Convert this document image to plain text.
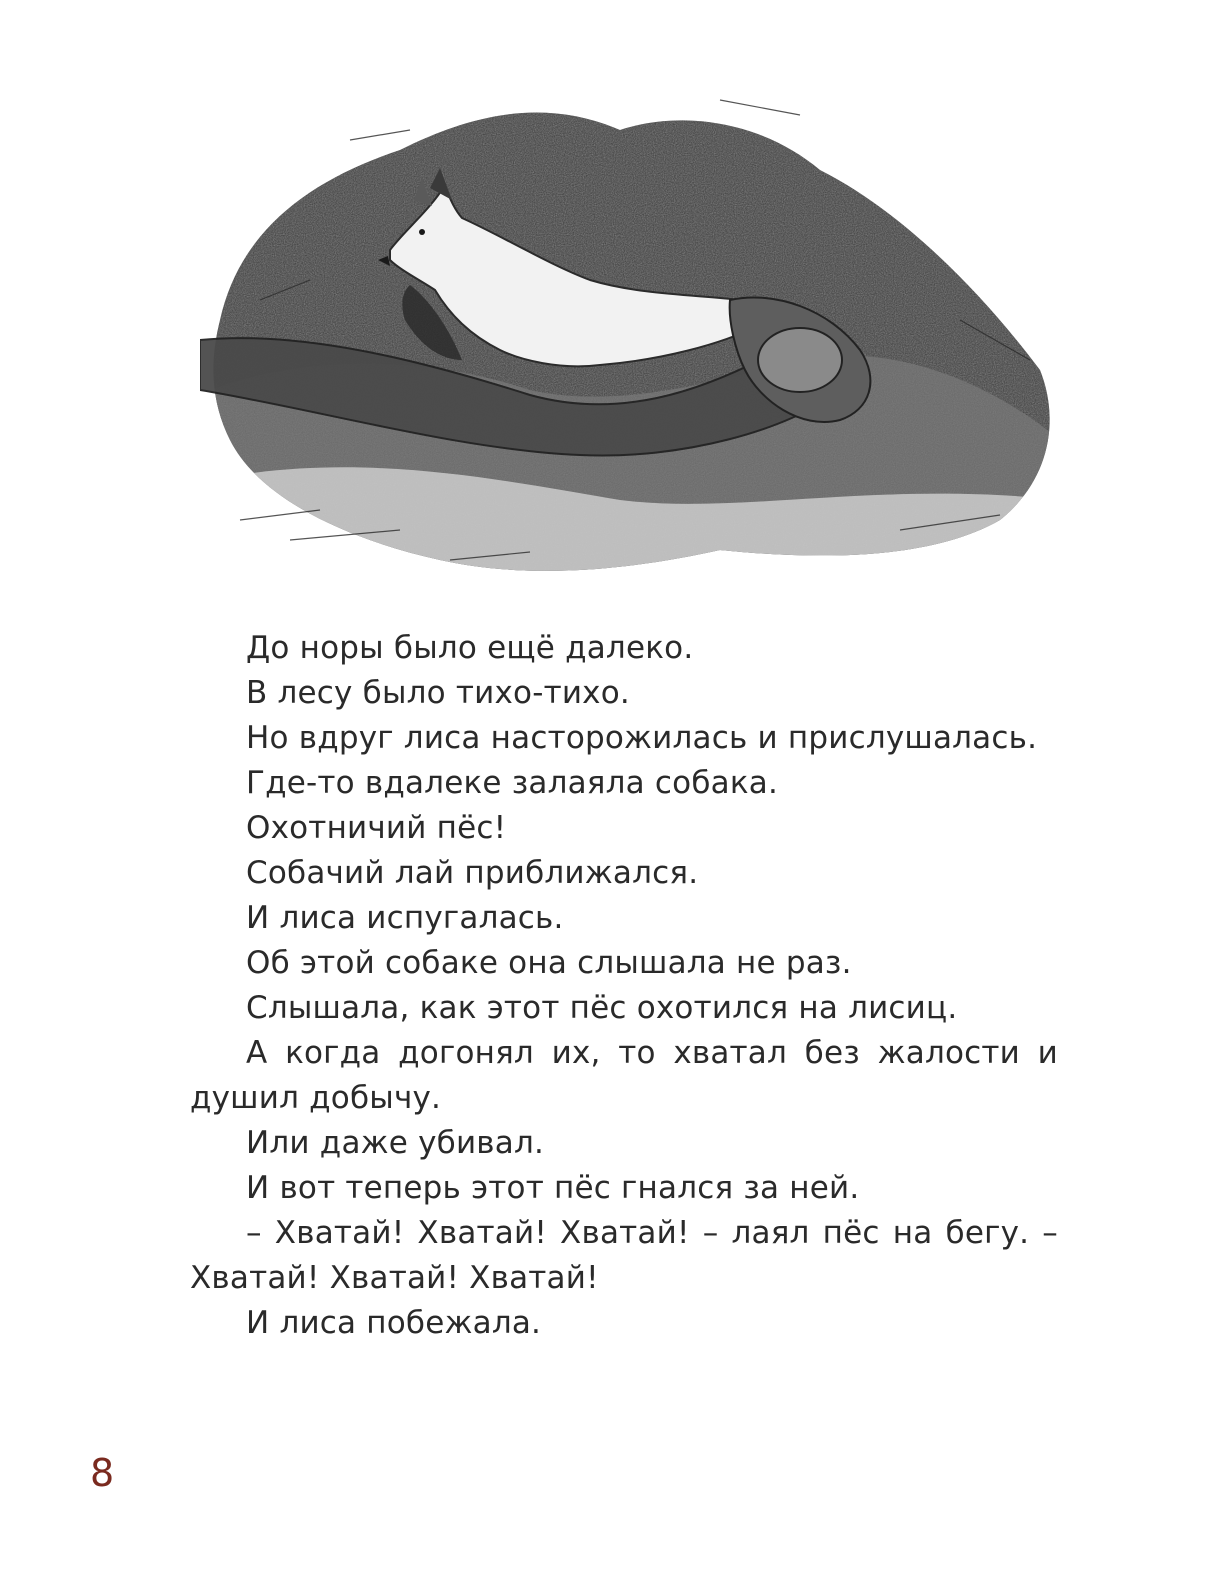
До норы было ещё далеко.

В лесу было тихо-тихо.

Но вдруг лиса насторожилась и прислушалась.

Где-то вдалеке залаяла собака.

Охотничий пёс!

Собачий лай приближался.

И лиса испугалась.

Об этой собаке она слышала не раз.

Слышала, как этот пёс охотился на лисиц.

А когда догонял их, то хватал без жалости и душил добычу.

Или даже убивал.

И вот теперь этот пёс гнался за ней.

– Хватай! Хватай! Хватай! – лаял пёс на бегу. – Хватай! Хватай! Хватай!

И лиса побежала.

8
